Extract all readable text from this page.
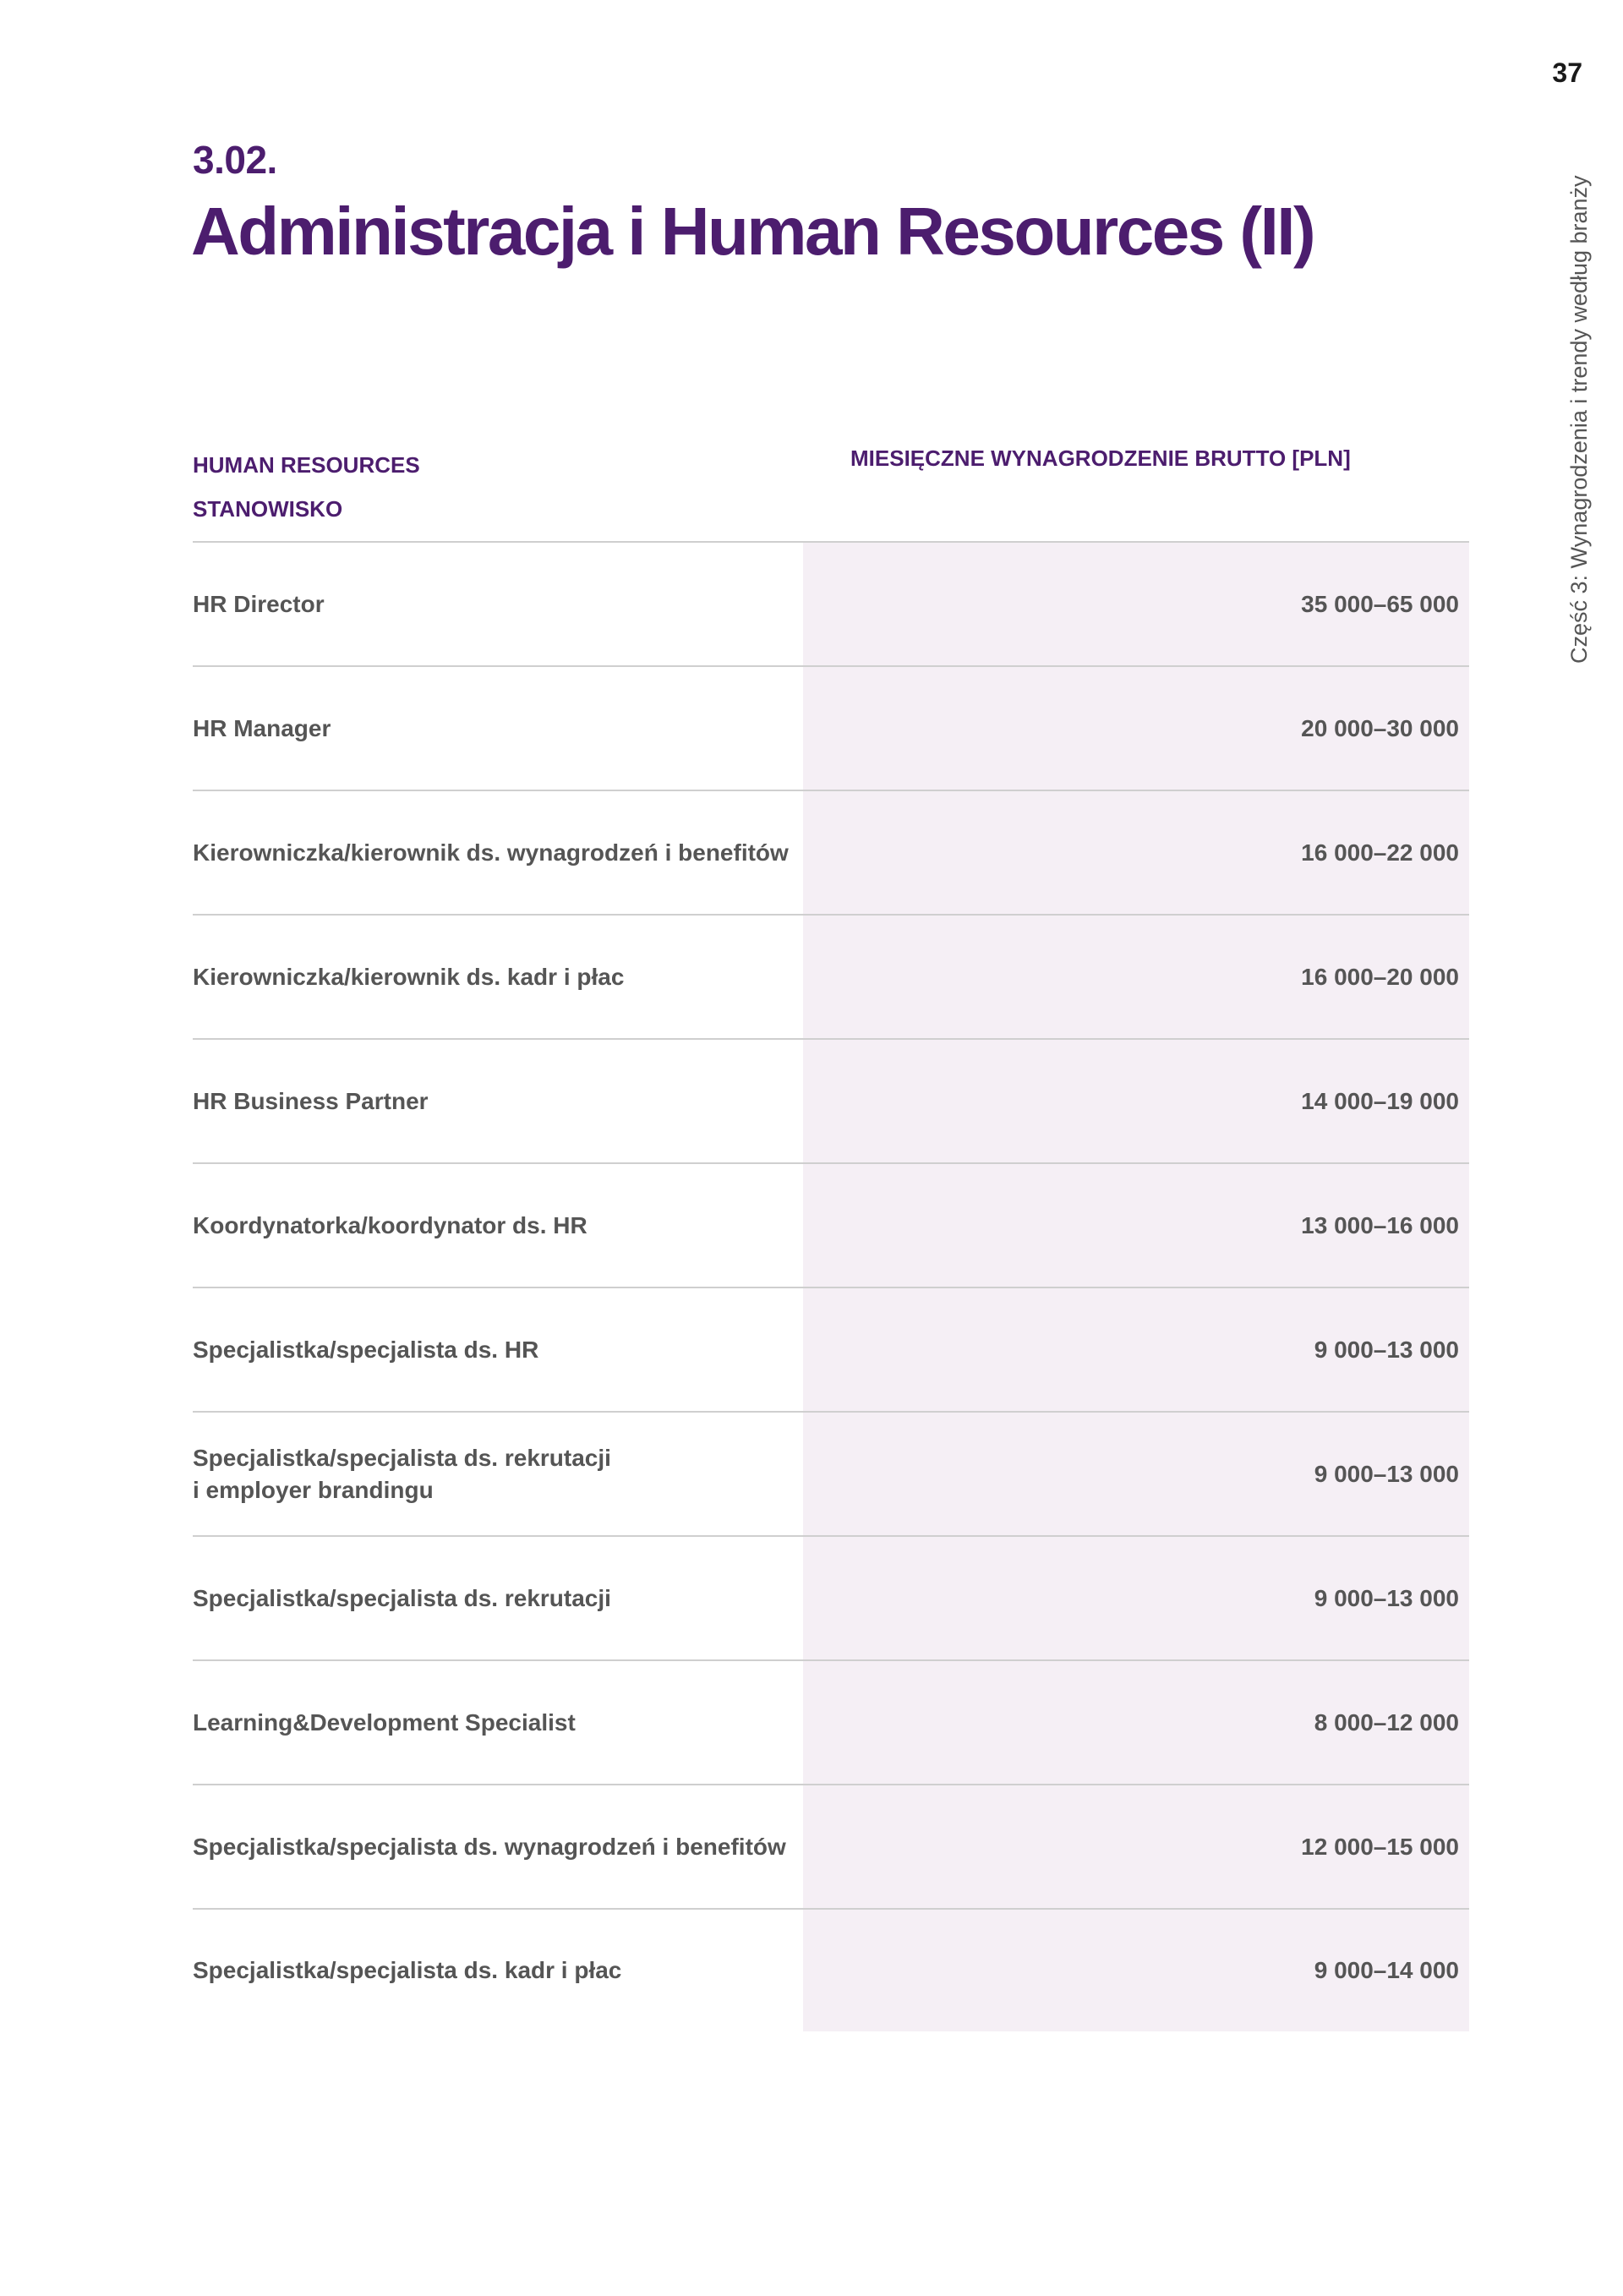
37
Część 3: Wynagrodzenia i trendy według branży
3.02.
Administracja i Human Resources (II)
HUMAN RESOURCES
STANOWISKO
MIESIĘCZNE WYNAGRODZENIE BRUTTO [PLN]
HR Director	35 000–65 000
HR Manager	20 000–30 000
Kierowniczka/kierownik ds. wynagrodzeń i benefitów	16 000–22 000
Kierowniczka/kierownik ds. kadr i płac	16 000–20 000
HR Business Partner	14 000–19 000
Koordynatorka/koordynator ds. HR	13 000–16 000
Specjalistka/specjalista ds. HR	9 000–13 000
Specjalistka/specjalista ds. rekrutacji
i employer brandingu
9 000–13 000
Specjalistka/specjalista ds. rekrutacji	9 000–13 000
Learning&Development Specialist	8 000–12 000
Specjalistka/specjalista ds. wynagrodzeń i benefitów	12 000–15 000
Specjalistka/specjalista ds. kadr i płac	9 000–14 000
